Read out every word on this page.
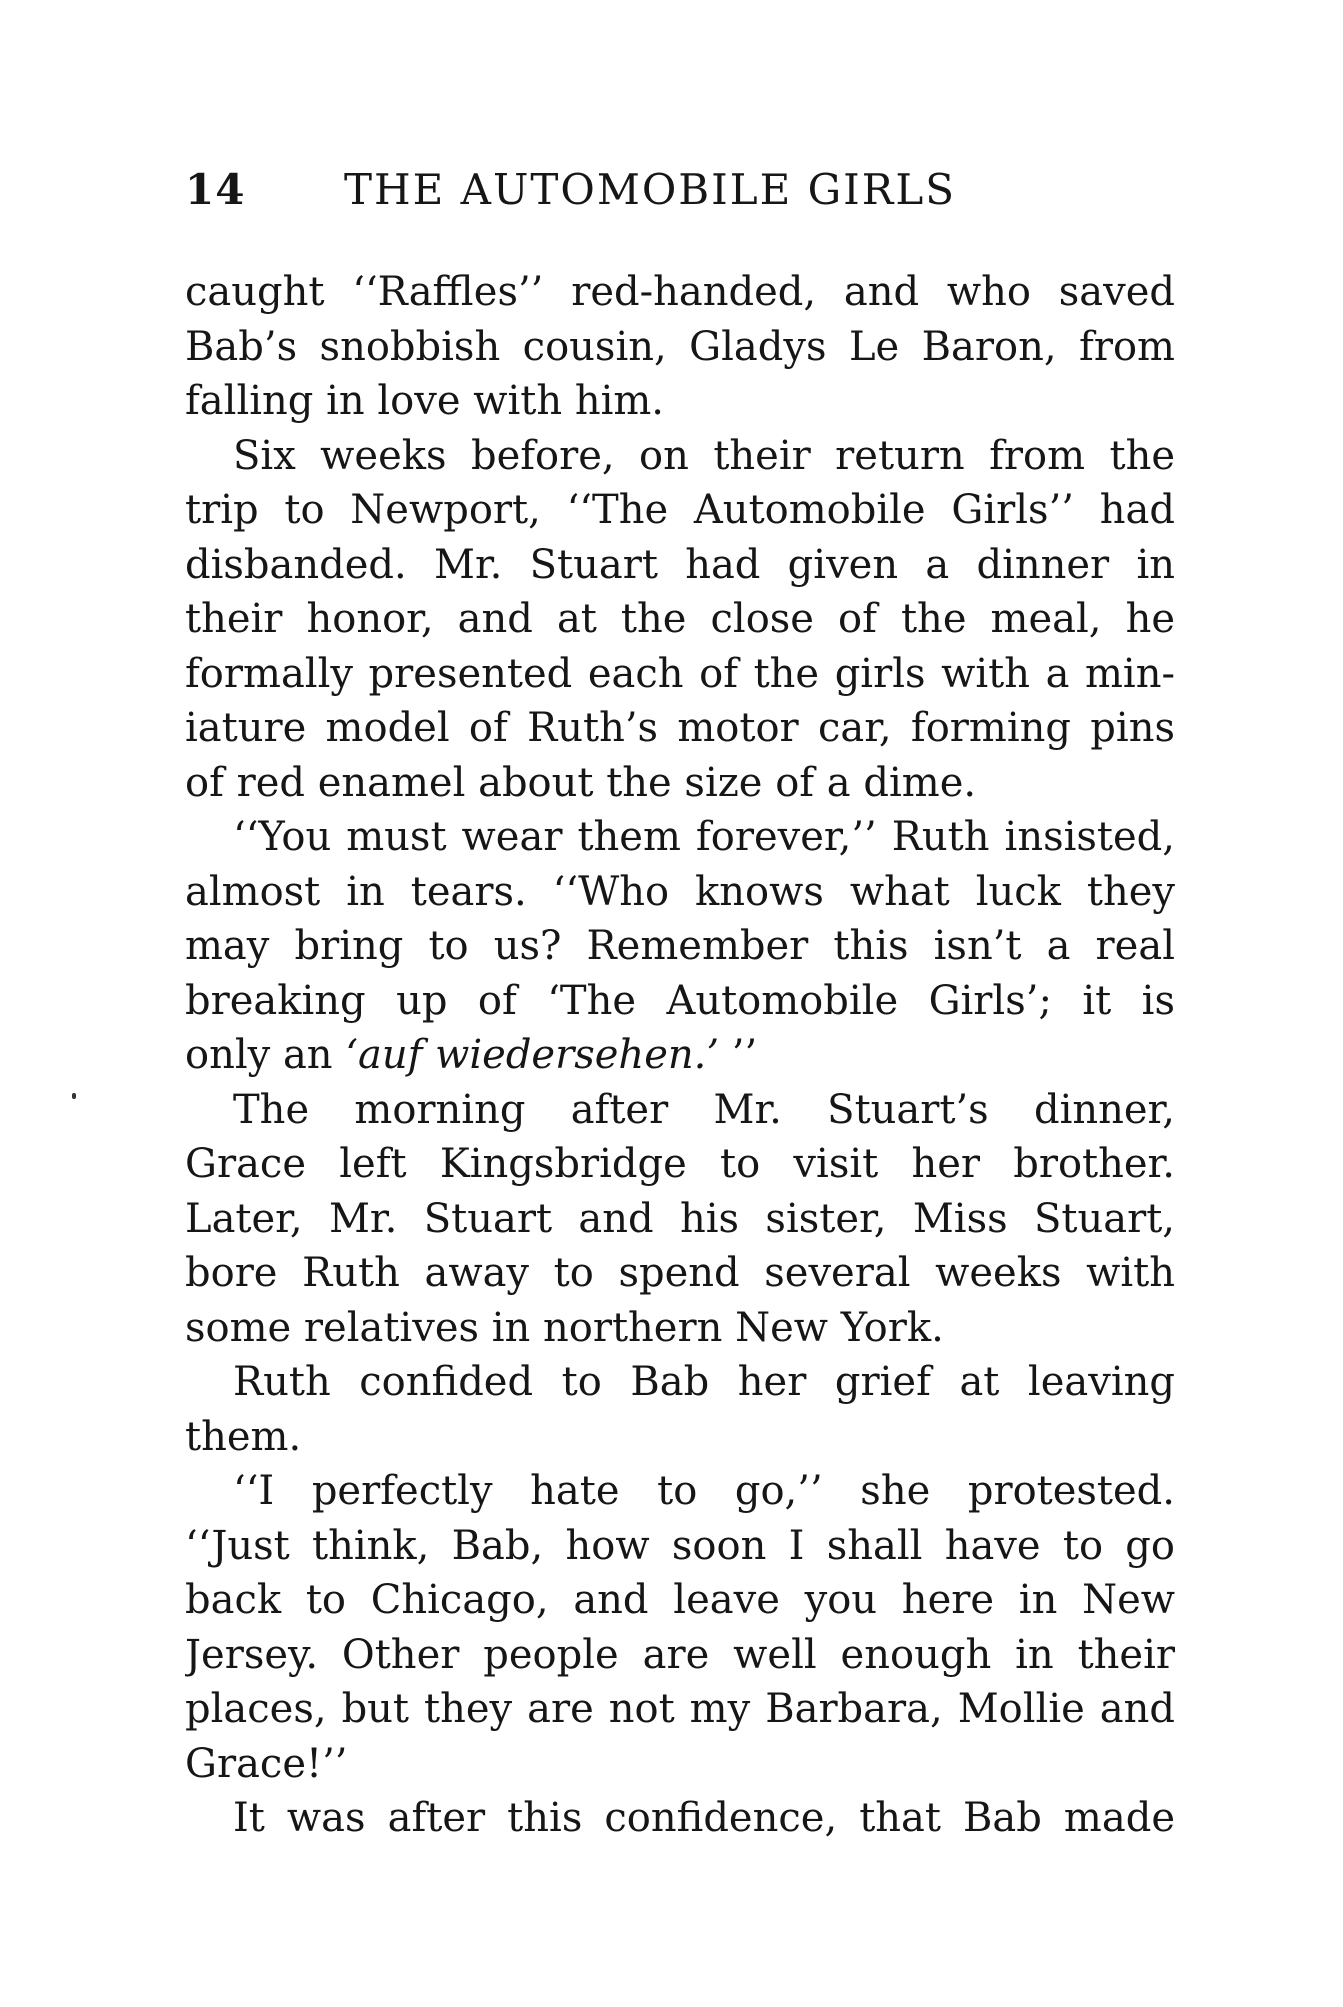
14 THE AUTOMOBILE GIRLS
caught ‘‘Raffles’’ red-handed, and who saved
Bab’s snobbish cousin, Gladys Le Baron, from
falling in love with him.
Six weeks before, on their return from the
trip to Newport, ‘‘The Automobile Girls’’ had
disbanded. Mr. Stuart had given a dinner in
their honor, and at the close of the meal, he
formally presented each of the girls with a min-
iature model of Ruth’s motor car, forming pins
of red enamel about the size of a dime.
‘‘You must wear them forever,’’ Ruth insisted,
almost in tears. ‘‘Who knows what luck they
may bring to us? Remember this isn’t a real
breaking up of ‘The Automobile Girls’; it is
only an ‘auf wiedersehen.’ ’’
The morning after Mr. Stuart’s dinner,
Grace left Kingsbridge to visit her brother.
Later, Mr. Stuart and his sister, Miss Stuart,
bore Ruth away to spend several weeks with
some relatives in northern New York.
Ruth confided to Bab her grief at leaving
them.
‘‘I perfectly hate to go,’’ she protested.
‘‘Just think, Bab, how soon I shall have to go
back to Chicago, and leave you here in New
Jersey. Other people are well enough in their
places, but they are not my Barbara, Mollie and
Grace!’’
It was after this confidence, that Bab made
